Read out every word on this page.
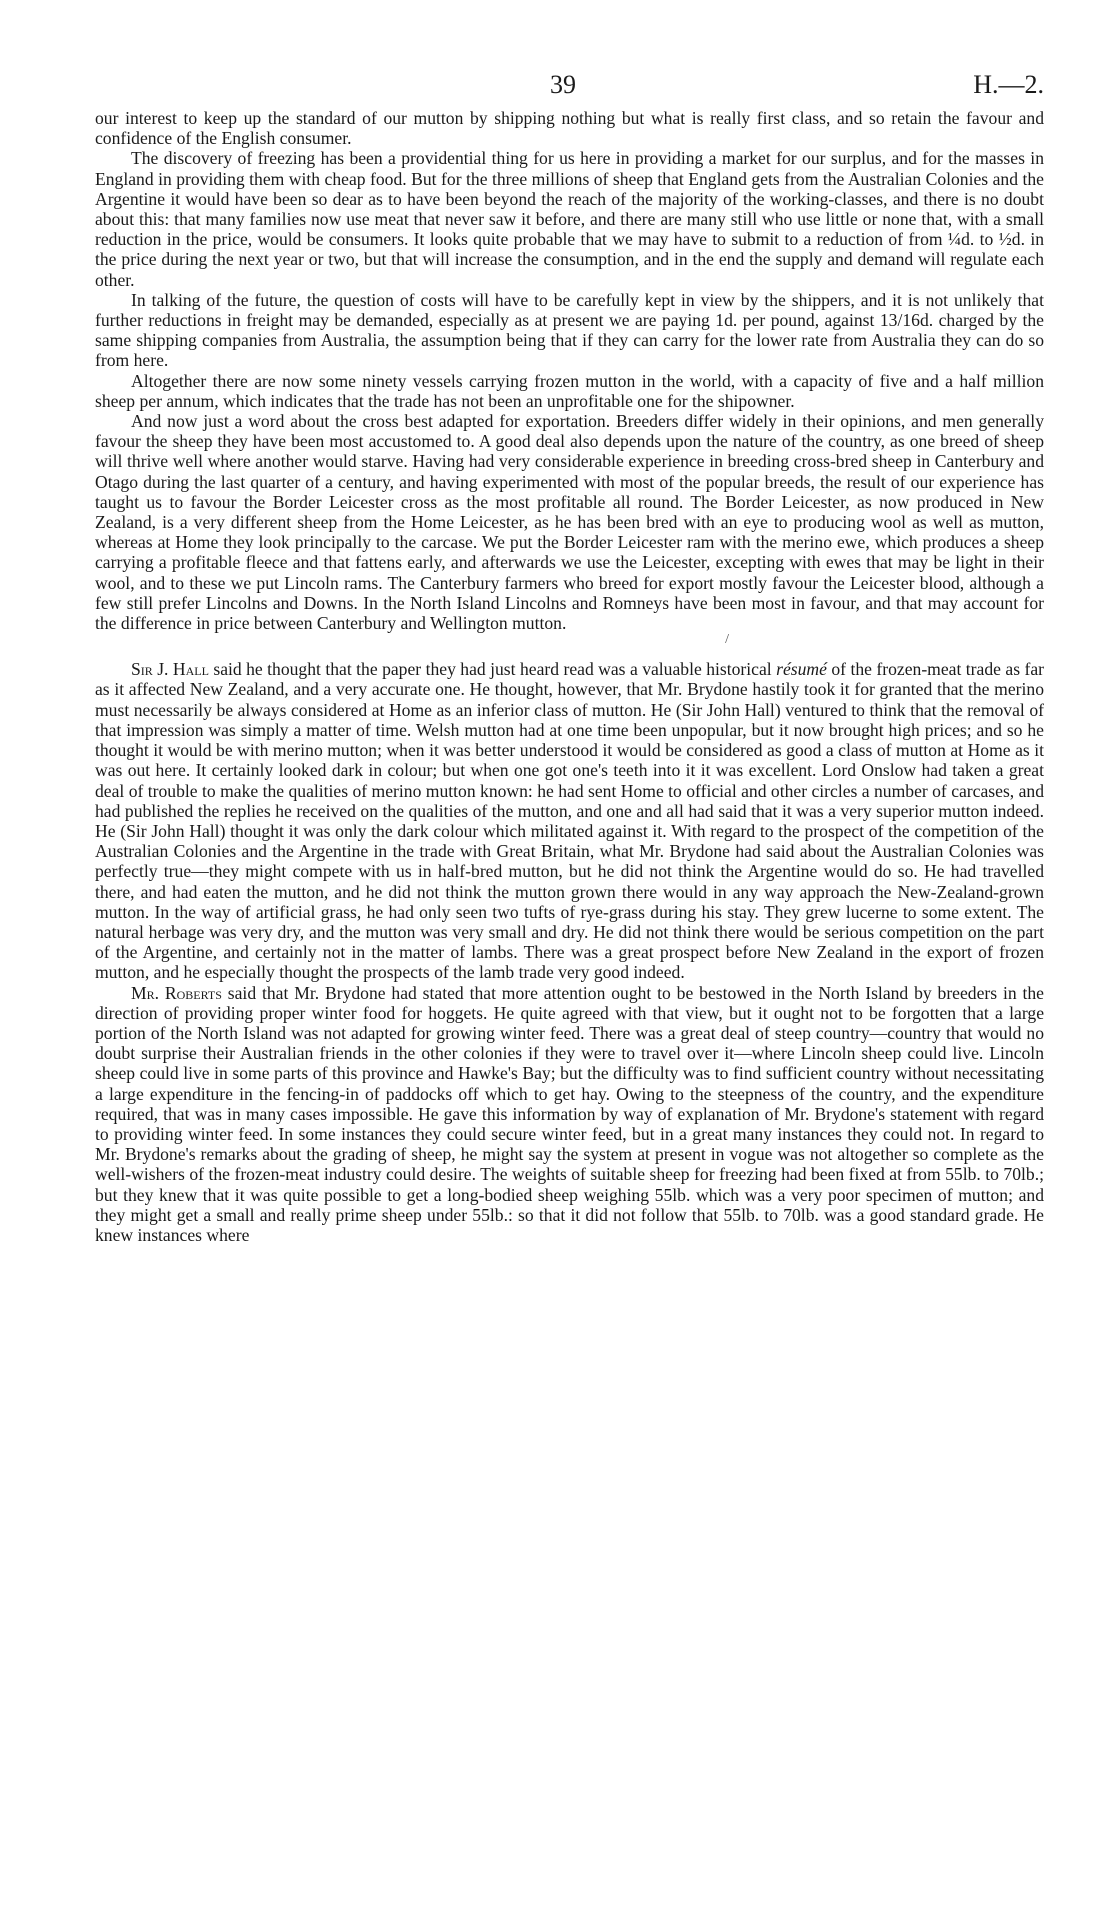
39	H.—2.

our interest to keep up the standard of our mutton by shipping nothing but what is really first class, and so retain the favour and confidence of the English consumer.

The discovery of freezing has been a providential thing for us here in providing a market for our surplus, and for the masses in England in providing them with cheap food. But for the three millions of sheep that England gets from the Australian Colonies and the Argentine it would have been so dear as to have been beyond the reach of the majority of the working-classes, and there is no doubt about this: that many families now use meat that never saw it before, and there are many still who use little or none that, with a small reduction in the price, would be consumers. It looks quite probable that we may have to submit to a reduction of from ¼d. to ½d. in the price during the next year or two, but that will increase the consumption, and in the end the supply and demand will regulate each other.

In talking of the future, the question of costs will have to be carefully kept in view by the shippers, and it is not unlikely that further reductions in freight may be demanded, especially as at present we are paying 1d. per pound, against 13/16d. charged by the same shipping companies from Australia, the assumption being that if they can carry for the lower rate from Australia they can do so from here.

Altogether there are now some ninety vessels carrying frozen mutton in the world, with a capacity of five and a half million sheep per annum, which indicates that the trade has not been an unprofitable one for the shipowner.

And now just a word about the cross best adapted for exportation. Breeders differ widely in their opinions, and men generally favour the sheep they have been most accustomed to. A good deal also depends upon the nature of the country, as one breed of sheep will thrive well where another would starve. Having had very considerable experience in breeding cross-bred sheep in Canterbury and Otago during the last quarter of a century, and having experimented with most of the popular breeds, the result of our experience has taught us to favour the Border Leicester cross as the most profitable all round. The Border Leicester, as now produced in New Zealand, is a very different sheep from the Home Leicester, as he has been bred with an eye to producing wool as well as mutton, whereas at Home they look principally to the carcase. We put the Border Leicester ram with the merino ewe, which produces a sheep carrying a profitable fleece and that fattens early, and afterwards we use the Leicester, excepting with ewes that may be light in their wool, and to these we put Lincoln rams. The Canterbury farmers who breed for export mostly favour the Leicester blood, although a few still prefer Lincolns and Downs. In the North Island Lincolns and Romneys have been most in favour, and that may account for the difference in price between Canterbury and Wellington mutton.

/

Sir J. Hall said he thought that the paper they had just heard read was a valuable historical résumé of the frozen-meat trade as far as it affected New Zealand, and a very accurate one. He thought, however, that Mr. Brydone hastily took it for granted that the merino must necessarily be always considered at Home as an inferior class of mutton. He (Sir John Hall) ventured to think that the removal of that impression was simply a matter of time. Welsh mutton had at one time been unpopular, but it now brought high prices; and so he thought it would be with merino mutton; when it was better understood it would be considered as good a class of mutton at Home as it was out here. It certainly looked dark in colour; but when one got one's teeth into it it was excellent. Lord Onslow had taken a great deal of trouble to make the qualities of merino mutton known: he had sent Home to official and other circles a number of carcases, and had published the replies he received on the qualities of the mutton, and one and all had said that it was a very superior mutton indeed. He (Sir John Hall) thought it was only the dark colour which militated against it. With regard to the prospect of the competition of the Australian Colonies and the Argentine in the trade with Great Britain, what Mr. Brydone had said about the Australian Colonies was perfectly true—they might compete with us in half-bred mutton, but he did not think the Argentine would do so. He had travelled there, and had eaten the mutton, and he did not think the mutton grown there would in any way approach the New-Zealand-grown mutton. In the way of artificial grass, he had only seen two tufts of rye-grass during his stay. They grew lucerne to some extent. The natural herbage was very dry, and the mutton was very small and dry. He did not think there would be serious competition on the part of the Argentine, and certainly not in the matter of lambs. There was a great prospect before New Zealand in the export of frozen mutton, and he especially thought the prospects of the lamb trade very good indeed.

Mr. Roberts said that Mr. Brydone had stated that more attention ought to be bestowed in the North Island by breeders in the direction of providing proper winter food for hoggets. He quite agreed with that view, but it ought not to be forgotten that a large portion of the North Island was not adapted for growing winter feed. There was a great deal of steep country—country that would no doubt surprise their Australian friends in the other colonies if they were to travel over it—where Lincoln sheep could live. Lincoln sheep could live in some parts of this province and Hawke's Bay; but the difficulty was to find sufficient country without necessitating a large expenditure in the fencing-in of paddocks off which to get hay. Owing to the steepness of the country, and the expenditure required, that was in many cases impossible. He gave this information by way of explanation of Mr. Brydone's statement with regard to providing winter feed. In some instances they could secure winter feed, but in a great many instances they could not. In regard to Mr. Brydone's remarks about the grading of sheep, he might say the system at present in vogue was not altogether so complete as the well-wishers of the frozen-meat industry could desire. The weights of suitable sheep for freezing had been fixed at from 55lb. to 70lb.; but they knew that it was quite possible to get a long-bodied sheep weighing 55lb. which was a very poor specimen of mutton; and they might get a small and really prime sheep under 55lb.: so that it did not follow that 55lb. to 70lb. was a good standard grade. He knew instances where
